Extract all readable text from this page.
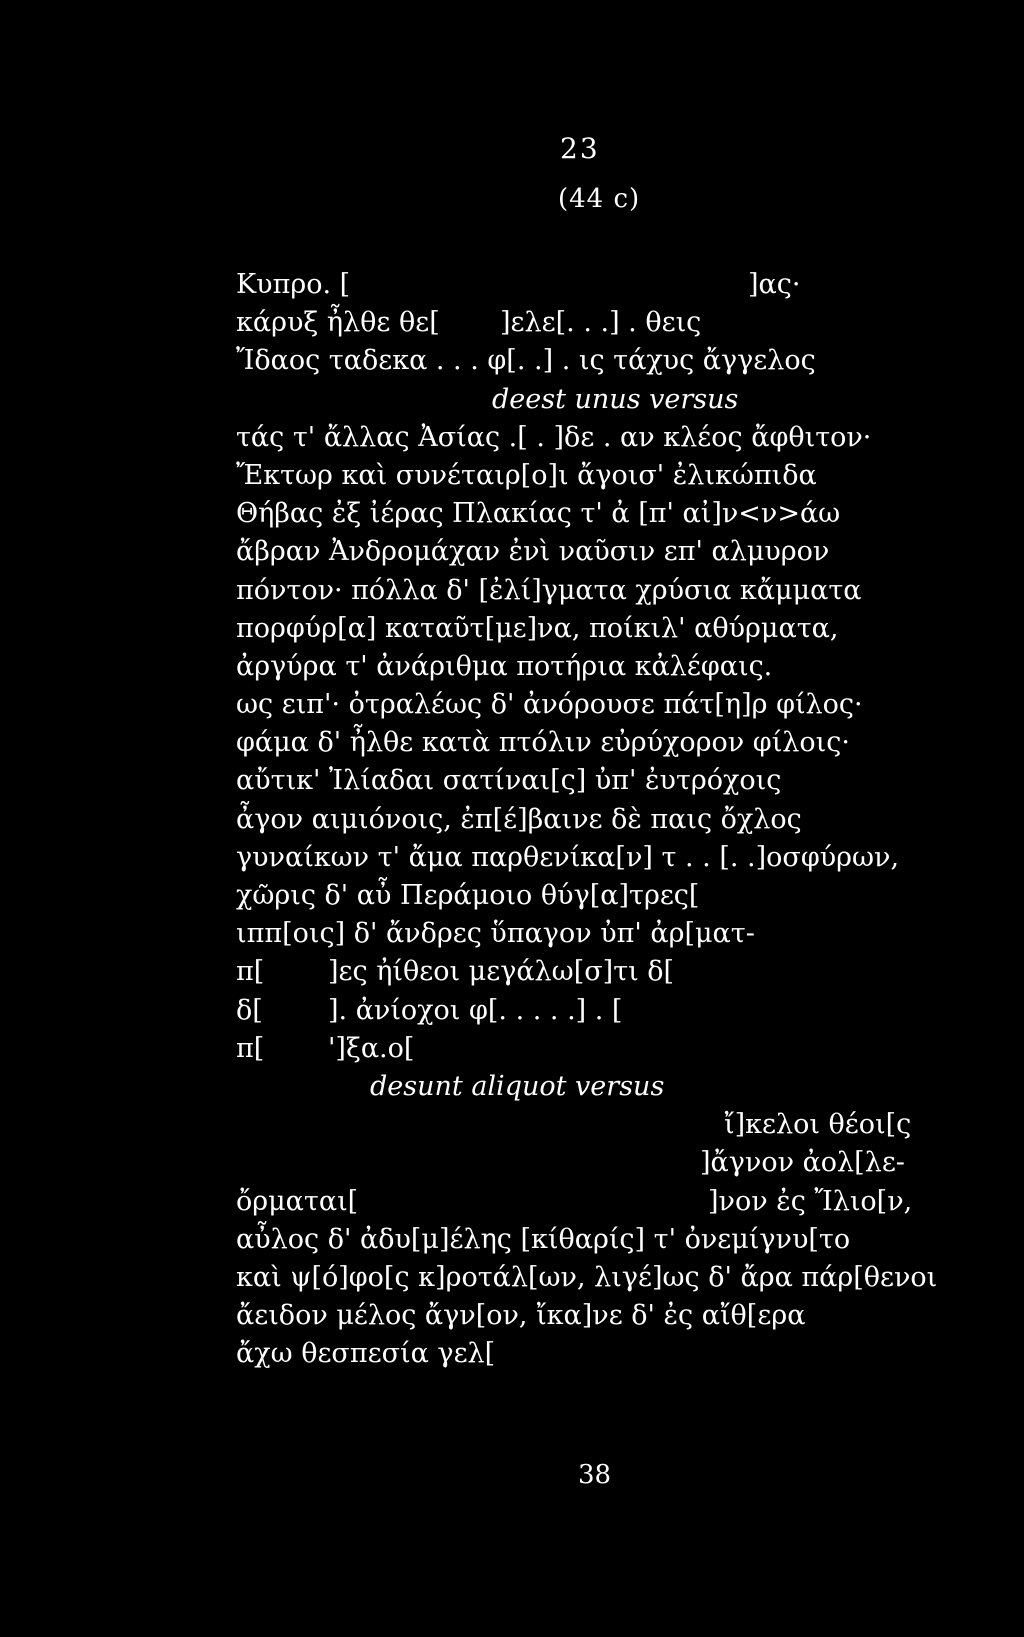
23
(44 c)
Κυπρο. [	]ας·
κάρυξ ἦλθε θε[ ]ελε[. . .] . θεις
Ἴδαος ταδεκα . . . φ[. .] . ις τάχυς ἄγγελος
deest unus versus
τάς τ' ἄλλας Ἀσίας .[ . ]δε . αν κλέος ἄφθιτον·
Ἔκτωρ καὶ συνέταιρ[ο]ι ἄγοισ' ἐλικώπιδα
Θήβας ἐξ ἰέρας Πλακίας τ' ἀ [π' αἰ]ν<ν>άω
ἄβραν Ἀνδρομάχαν ἐνὶ ναῦσιν επ' αλμυρον
πόντον· πόλλα δ' [ἐλί]γματα χρύσια κἄμματα
πορφύρ[α] καταῦτ[με]να, ποίκιλ' αθύρματα,
ἀργύρα τ' ἀνάριθμα ποτήρια κἀλέφαις.
ως ειπ'· ὀτραλέως δ' ἀνόρουσε πάτ[η]ρ φίλος·
φάμα δ' ἦλθε κατὰ πτόλιν εὐρύχορον φίλοις·
αὔτικ' Ἰλίαδαι σατίναι[ς] ὐπ' ἐυτρόχοις
ἆγον αιμιόνοις, ἐπ[έ]βαινε δὲ παις ὄχλος
γυναίκων τ' ἄμα παρθενίκα[ν] τ . . [. .]οσφύρων,
χῶρις δ' αὖ Περάμοιο θύγ[α]τρες[
ιππ[οις] δ' ἄνδρες ὕπαγον ὐπ' ἀρ[ματ-
π[ ]ες ἠίθεοι μεγάλω[σ]τι δ[
δ[ ]. ἀνίοχοι φ[. . . . .] . [
π[ ']ξα.ο[
desunt aliquot versus
ἴ]κελοι θέοι[ς
]ἄγνον ἀολ[λε-
ὄρμαται[	]νον ἐς Ἴλιο[ν,
αὖλος δ' ἀδυ[μ]έλης [κίθαρίς] τ' ὀνεμίγνυ[το
καὶ ψ[ό]φο[ς κ]ροτάλ[ων, λιγέ]ως δ' ἄρα πάρ[θενοι
ἄειδον μέλος ἄγν[ον, ἴκα]νε δ' ἐς αἴθ[ερα
ἄχω θεσπεσία γελ[
38
